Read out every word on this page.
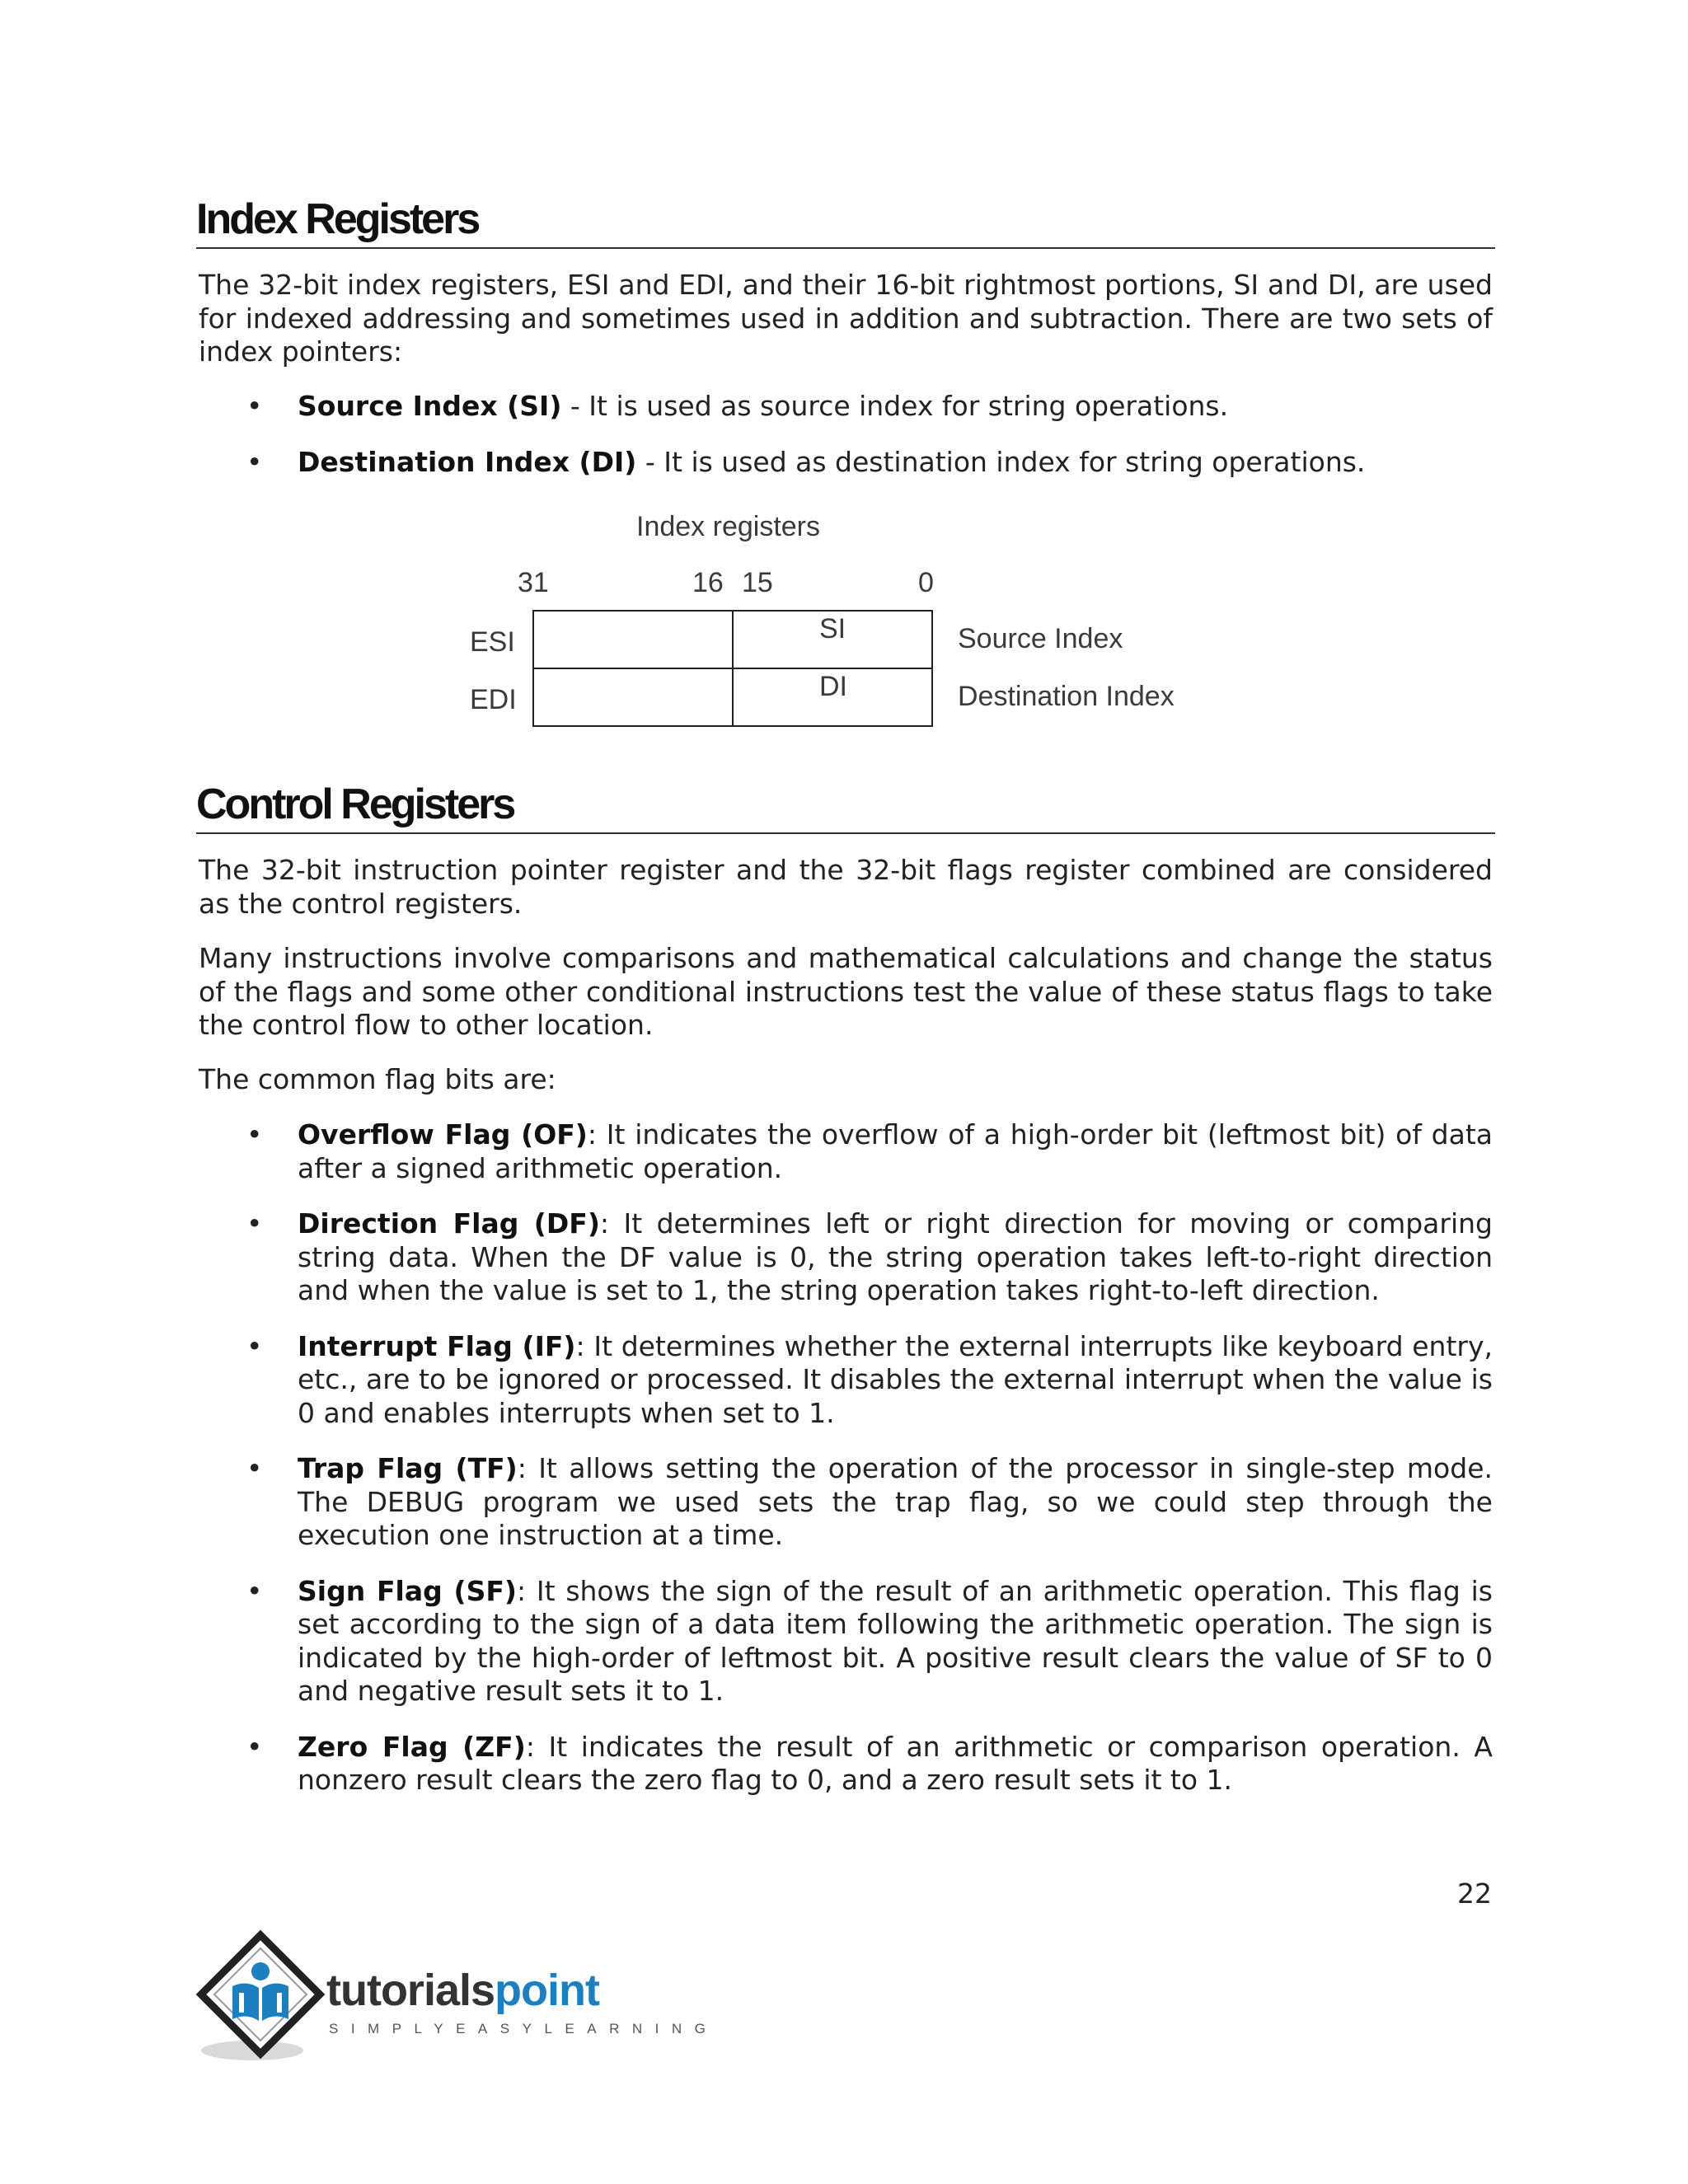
Index Registers

The 32-bit index registers, ESI and EDI, and their 16-bit rightmost portions, SI and DI, are used for indexed addressing and sometimes used in addition and subtraction. There are two sets of index pointers:

• Source Index (SI) - It is used as source index for string operations.
• Destination Index (DI) - It is used as destination index for string operations.
Index registers
31	16 15	0
ESI
EDI
SI
DI
Source Index
Destination Index
Control Registers

The 32-bit instruction pointer register and the 32-bit flags register combined are considered as the control registers.

Many instructions involve comparisons and mathematical calculations and change the status of the flags and some other conditional instructions test the value of these status flags to take the control flow to other location.

The common flag bits are:

• Overflow Flag (OF): It indicates the overflow of a high-order bit (leftmost bit) of data after a signed arithmetic operation.
• Direction Flag (DF): It determines left or right direction for moving or comparing string data. When the DF value is 0, the string operation takes left-to-right direction and when the value is set to 1, the string operation takes right-to-left direction.
• Interrupt Flag (IF): It determines whether the external interrupts like keyboard entry, etc., are to be ignored or processed. It disables the external interrupt when the value is 0 and enables interrupts when set to 1.
• Trap Flag (TF): It allows setting the operation of the processor in single-step mode. The DEBUG program we used sets the trap flag, so we could step through the execution one instruction at a time.
• Sign Flag (SF): It shows the sign of the result of an arithmetic operation. This flag is set according to the sign of a data item following the arithmetic operation. The sign is indicated by the high-order of leftmost bit. A positive result clears the value of SF to 0 and negative result sets it to 1.
• Zero Flag (ZF): It indicates the result of an arithmetic or comparison operation. A nonzero result clears the zero flag to 0, and a zero result sets it to 1.
22
tutorialspoint
SIMPLYEASYLEARNING
